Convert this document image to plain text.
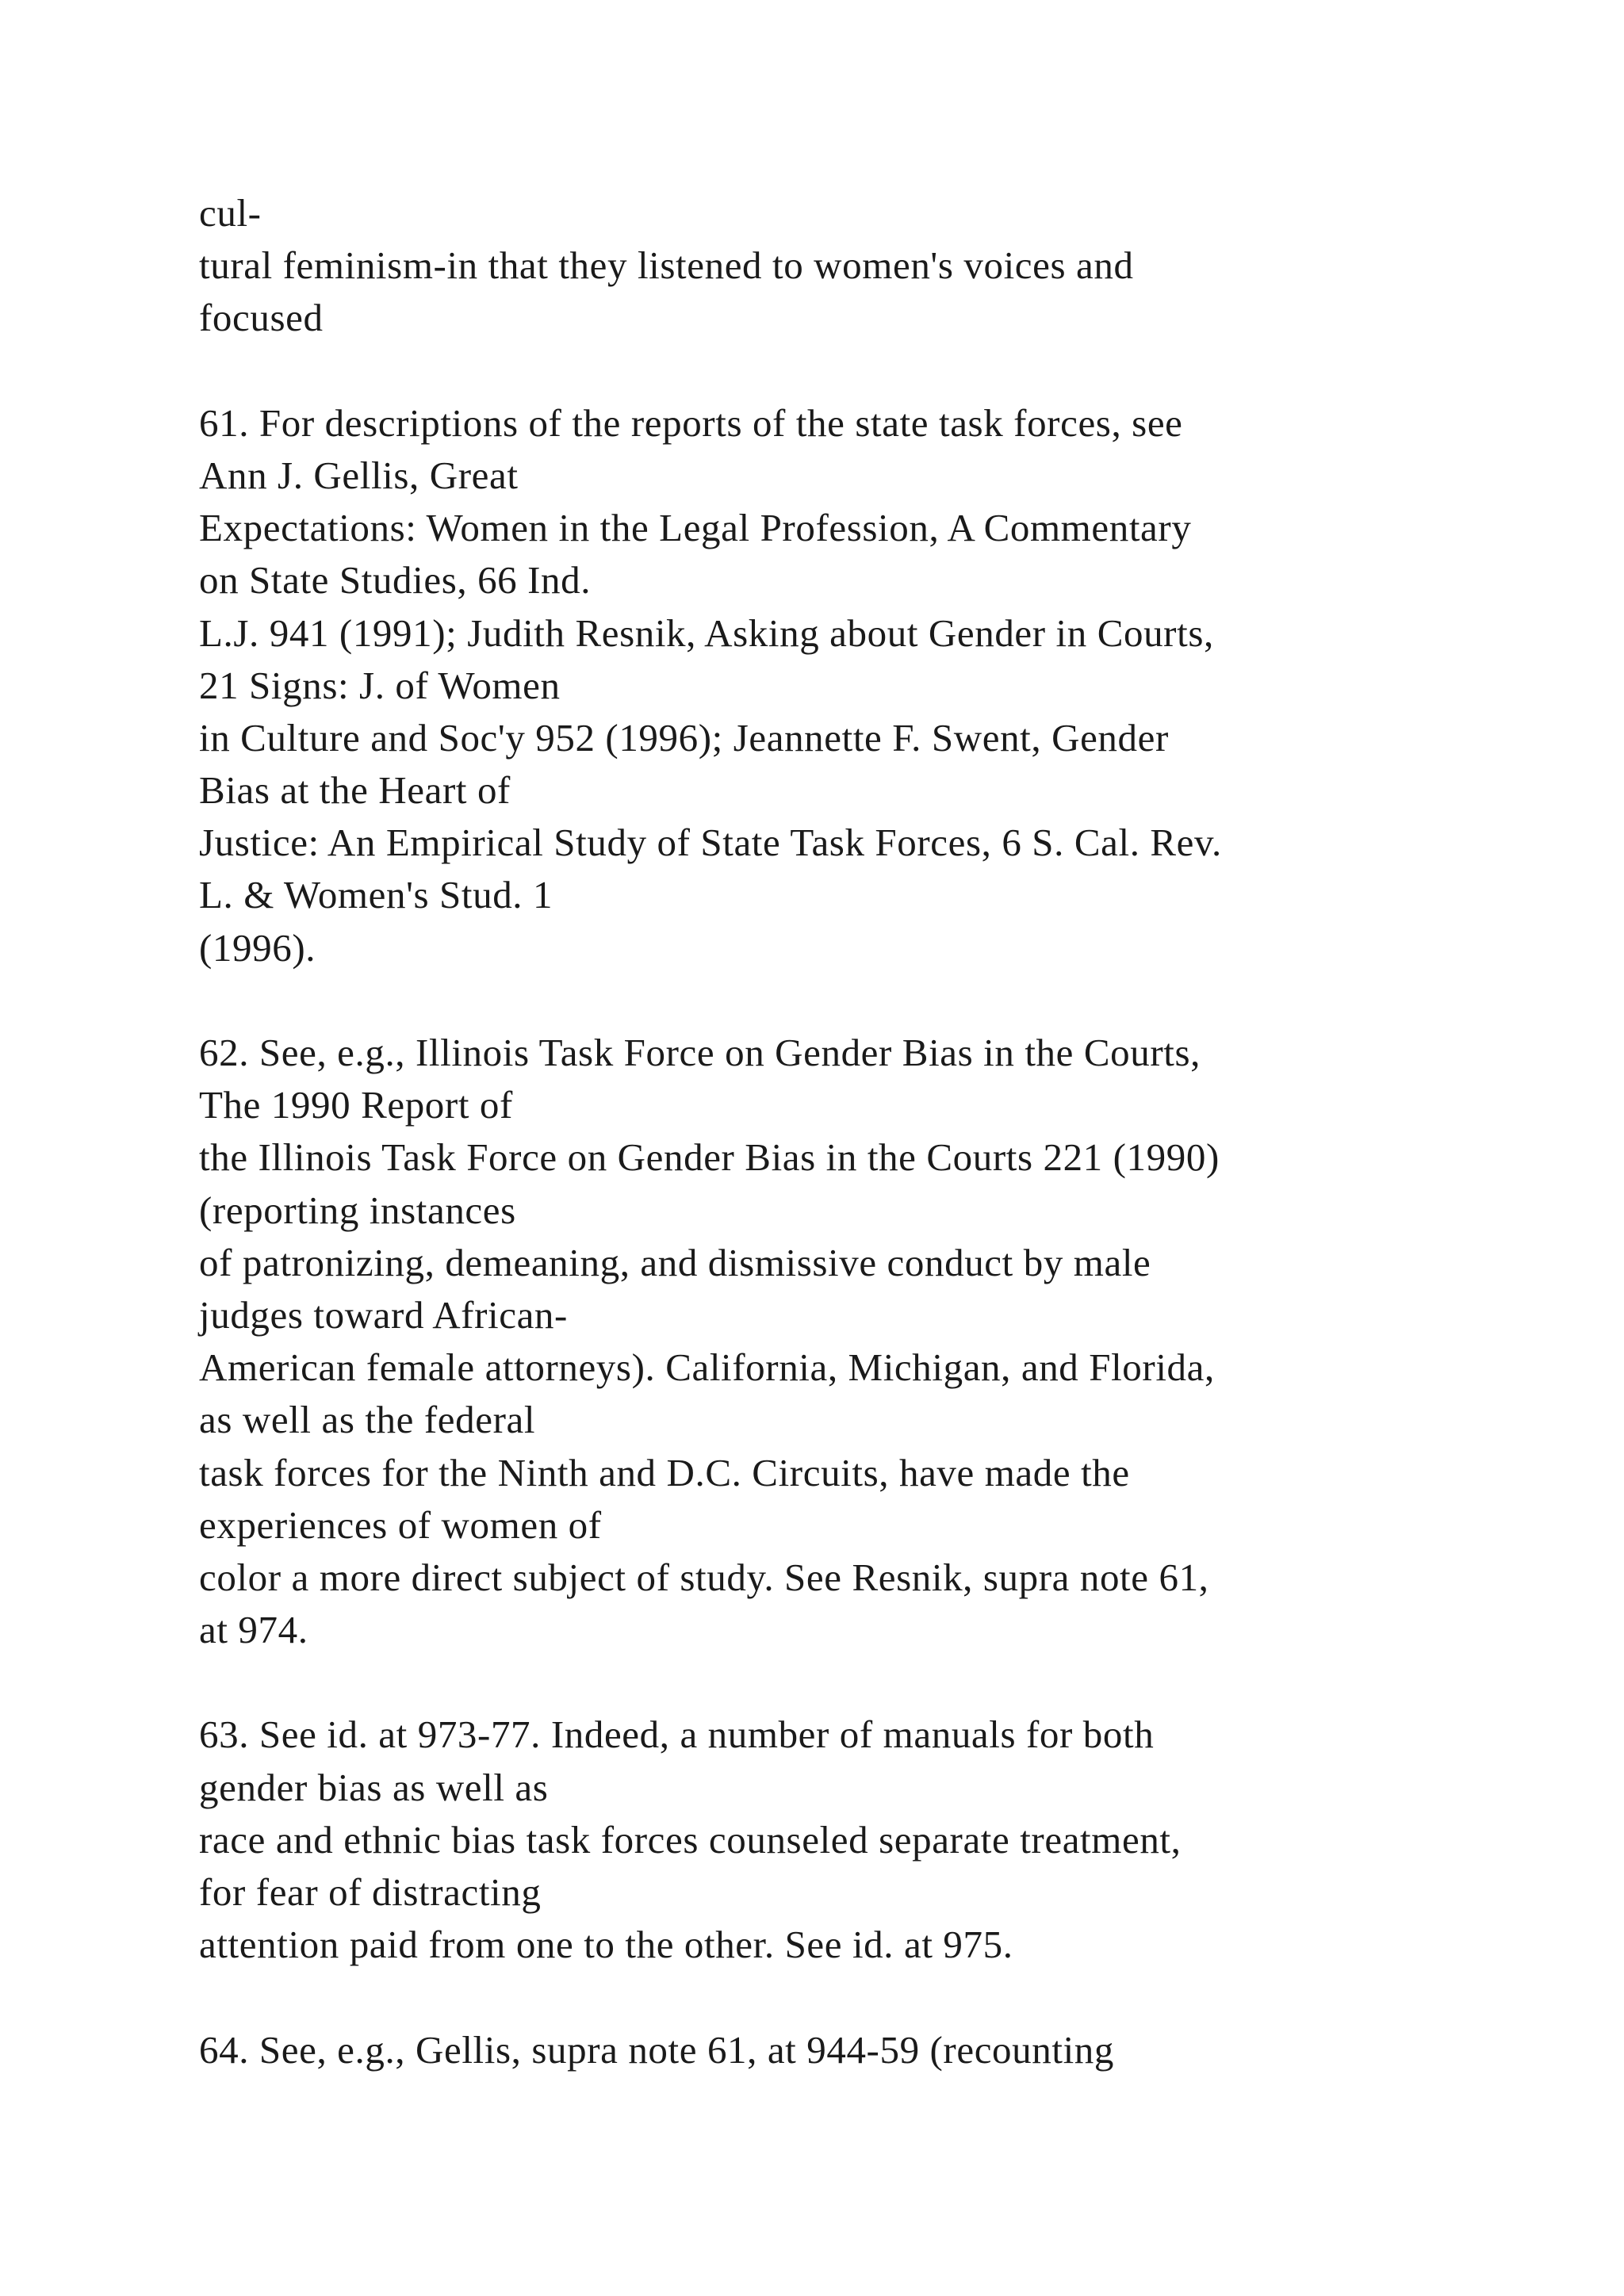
cul-
tural feminism-in that they listened to women's voices and
focused
61. For descriptions of the reports of the state task forces, see
Ann J. Gellis, Great
Expectations: Women in the Legal Profession, A Commentary
on State Studies, 66 Ind.
L.J. 941 (1991); Judith Resnik, Asking about Gender in Courts,
21 Signs: J. of Women
in Culture and Soc'y 952 (1996); Jeannette F. Swent, Gender
Bias at the Heart of
Justice: An Empirical Study of State Task Forces, 6 S. Cal. Rev.
L. & Women's Stud. 1
(1996).
62. See, e.g., Illinois Task Force on Gender Bias in the Courts,
The 1990 Report of
the Illinois Task Force on Gender Bias in the Courts 221 (1990)
(reporting instances
of patronizing, demeaning, and dismissive conduct by male
judges toward African-
American female attorneys). California, Michigan, and Florida,
as well as the federal
task forces for the Ninth and D.C. Circuits, have made the
experiences of women of
color a more direct subject of study. See Resnik, supra note 61,
at 974.
63. See id. at 973-77. Indeed, a number of manuals for both
gender bias as well as
race and ethnic bias task forces counseled separate treatment,
for fear of distracting
attention paid from one to the other. See id. at 975.
64. See, e.g., Gellis, supra note 61, at 944-59 (recounting
